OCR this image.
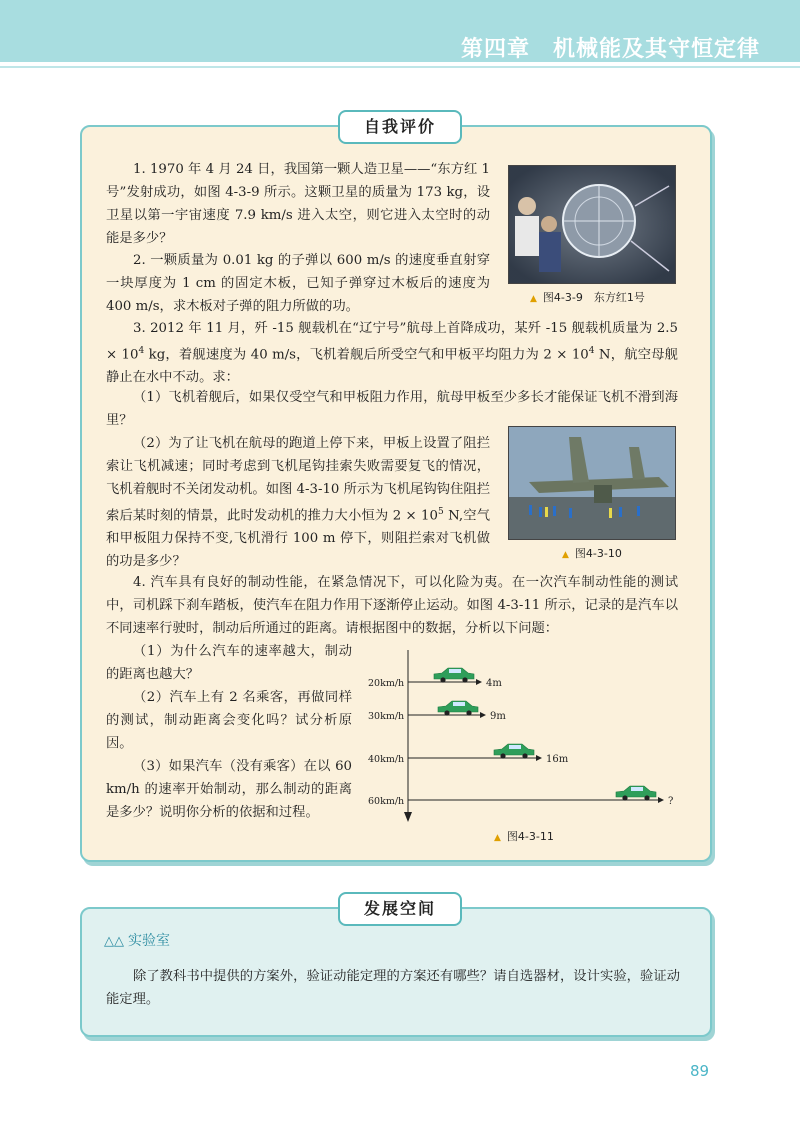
第四章　机械能及其守恒定律
自我评价
1. 1970 年 4 月 24 日，我国第一颗人造卫星——“东方红 1 号”发射成功，如图 4-3-9 所示。这颗卫星的质量为 173 kg，设卫星以第一宇宙速度 7.9 km/s 进入太空，则它进入太空时的动能是多少？
2. 一颗质量为 0.01 kg 的子弹以 600 m/s 的速度垂直射穿一块厚度为 1 cm 的固定木板，已知子弹穿过木板后的速度为 400 m/s，求木板对子弹的阻力所做的功。	▲ 图4-3-9　东方红1号
3. 2012 年 11 月，歼 -15 舰载机在“辽宁号”航母上首降成功，某歼 -15 舰载机质量为 $2.5 \times 10^4$ kg，着舰速度为 40 m/s，飞机着舰后所受空气和甲板平均阻力为 $2 \times 10^4$ N，航空母舰静止在水中不动。求：
（1）飞机着舰后，如果仅受空气和甲板阻力作用，航母甲板至少多长才能保证飞机不滑到海里？
（2）为了让飞机在航母的跑道上停下来，甲板上设置了阻拦索让飞机减速；同时考虑到飞机尾钩挂索失败需要复飞的情况，飞机着舰时不关闭发动机。如图 4-3-10 所示为飞机尾钩钩住阻拦索后某时刻的情景，此时发动机的推力大小恒为 $2 \times 10^5$ N,空气和甲板阻力保持不变,飞机滑行 100 m 停下，则阻拦索对飞机做的功是多少？	▲ 图4-3-10
4. 汽车具有良好的制动性能，在紧急情况下，可以化险为夷。在一次汽车制动性能的测试中，司机踩下刹车踏板，使汽车在阻力作用下逐渐停止运动。如图 4-3-11 所示，记录的是汽车以不同速率行驶时，制动后所通过的距离。请根据图中的数据，分析以下问题：
（1）为什么汽车的速率越大，制动的距离也越大？
（2）汽车上有 2 名乘客，再做同样的测试，制动距离会变化吗？试分析原因。
（3）如果汽车（没有乘客）在以 60 km/h 的速率开始制动，那么制动的距离是多少？说明你分析的依据和过程。
20km/h	4m
30km/h	9m
40km/h	16m
60km/h	?
▲ 图4-3-11
发展空间
△△ 实验室
除了教科书中提供的方案外，验证动能定理的方案还有哪些？请自选器材，设计实验，验证动能定理。
89
